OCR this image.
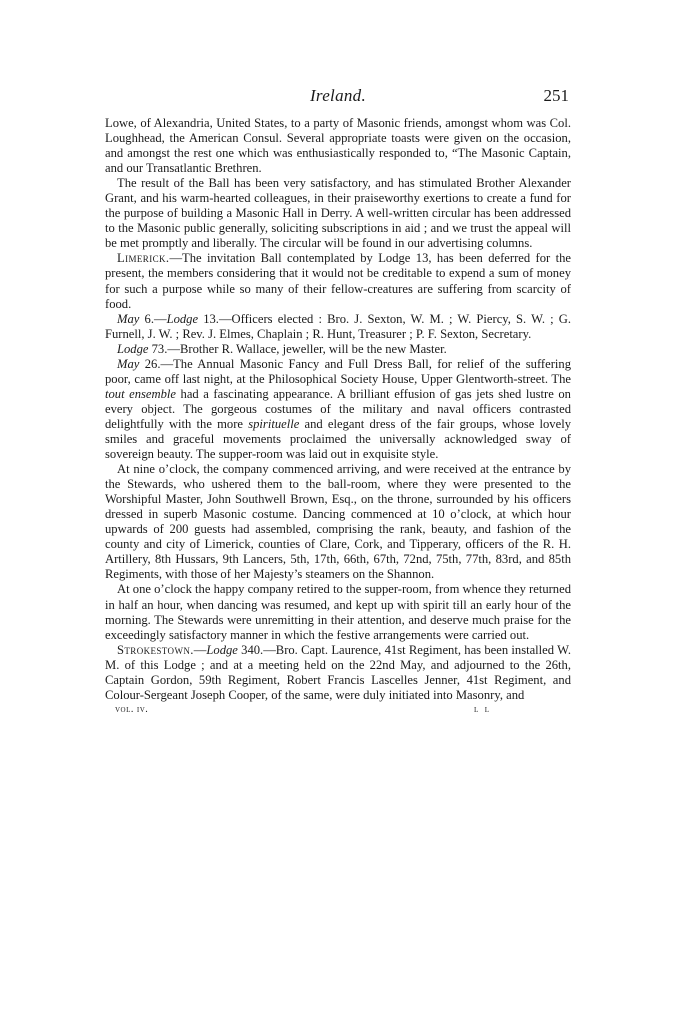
Ireland.	251

Lowe, of Alexandria, United States, to a party of Masonic friends, amongst whom was Col. Loughhead, the American Consul. Several appropriate toasts were given on the occasion, and amongst the rest one which was enthusiastically responded to, “The Masonic Captain, and our Transatlantic Brethren.

The result of the Ball has been very satisfactory, and has stimulated Brother Alexander Grant, and his warm-hearted colleagues, in their praiseworthy exertions to create a fund for the purpose of building a Masonic Hall in Derry. A well-written circular has been addressed to the Masonic public generally, soliciting subscriptions in aid ; and we trust the appeal will be met promptly and liberally. The circular will be found in our advertising columns.

Limerick.—The invitation Ball contemplated by Lodge 13, has been deferred for the present, the members considering that it would not be creditable to expend a sum of money for such a purpose while so many of their fellow-creatures are suffering from scarcity of food.

May 6.—Lodge 13.—Officers elected : Bro. J. Sexton, W. M. ; W. Piercy, S. W. ; G. Furnell, J. W. ; Rev. J. Elmes, Chaplain ; R. Hunt, Treasurer ; P. F. Sexton, Secretary.

Lodge 73.—Brother R. Wallace, jeweller, will be the new Master.

May 26.—The Annual Masonic Fancy and Full Dress Ball, for relief of the suffering poor, came off last night, at the Philosophical Society House, Upper Glentworth-street. The tout ensemble had a fascinating appearance. A brilliant effusion of gas jets shed lustre on every object. The gorgeous costumes of the military and naval officers contrasted delightfully with the more spirituelle and elegant dress of the fair groups, whose lovely smiles and graceful movements proclaimed the universally acknowledged sway of sovereign beauty. The supper-room was laid out in exquisite style.

At nine o’clock, the company commenced arriving, and were received at the entrance by the Stewards, who ushered them to the ball-room, where they were presented to the Worshipful Master, John Southwell Brown, Esq., on the throne, surrounded by his officers dressed in superb Masonic costume. Dancing commenced at 10 o’clock, at which hour upwards of 200 guests had assembled, comprising the rank, beauty, and fashion of the county and city of Limerick, counties of Clare, Cork, and Tipperary, officers of the R. H. Artillery, 8th Hussars, 9th Lancers, 5th, 17th, 66th, 67th, 72nd, 75th, 77th, 83rd, and 85th Regiments, with those of her Majesty’s steamers on the Shannon.

At one o’clock the happy company retired to the supper-room, from whence they returned in half an hour, when dancing was resumed, and kept up with spirit till an early hour of the morning. The Stewards were unremitting in their attention, and deserve much praise for the exceedingly satisfactory manner in which the festive arrangements were carried out.

Strokestown.—Lodge 340.—Bro. Capt. Laurence, 41st Regiment, has been installed W. M. of this Lodge ; and at a meeting held on the 22nd May, and adjourned to the 26th, Captain Gordon, 59th Regiment, Robert Francis Lascelles Jenner, 41st Regiment, and Colour-Sergeant Joseph Cooper, of the same, were duly initiated into Masonry, and

vol. iv.	l l
